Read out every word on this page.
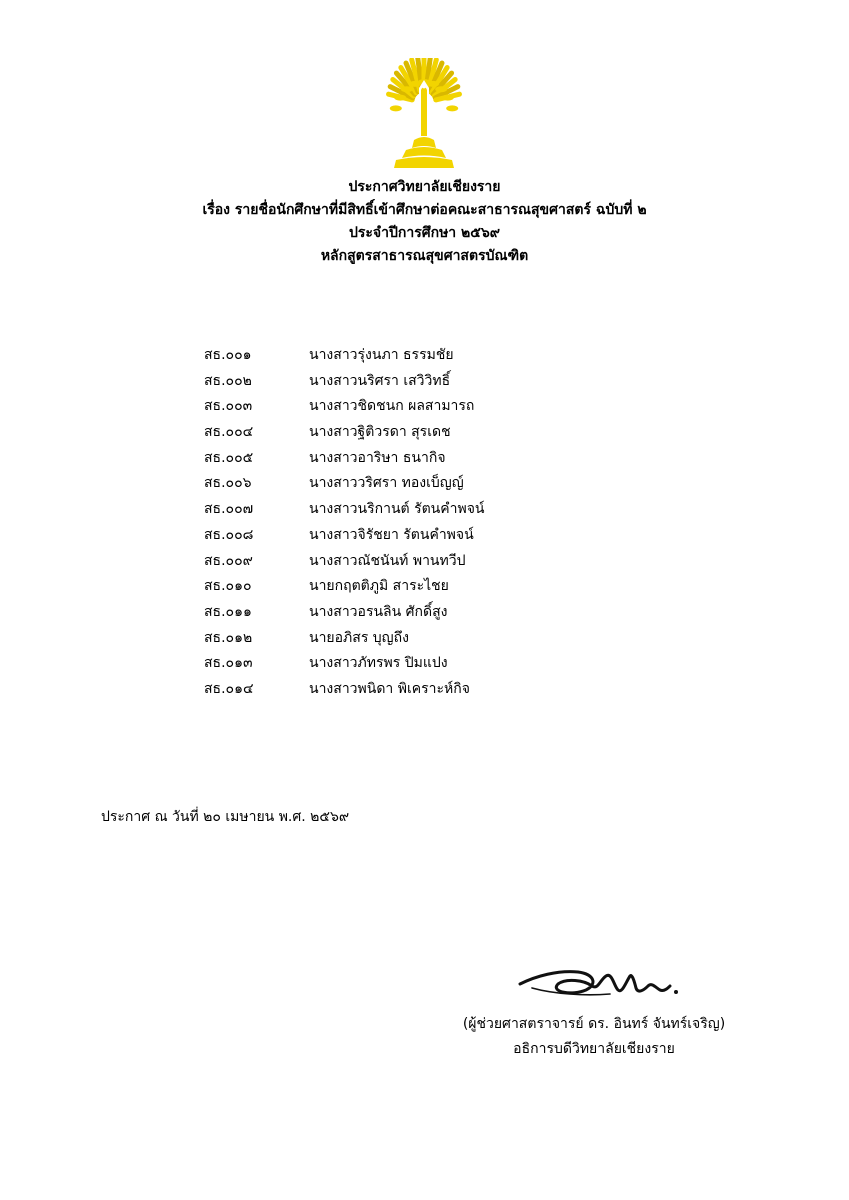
ประกาศวิทยาลัยเชียงราย
เรื่อง รายชื่อนักศึกษาที่มีสิทธิ์เข้าศึกษาต่อคณะสาธารณสุขศาสตร์ ฉบับที่ ๒
ประจำปีการศึกษา ๒๕๖๙
หลักสูตรสาธารณสุขศาสตรบัณฑิต
สธ.๐๐๑	นางสาวรุ่งนภา ธรรมชัย
สธ.๐๐๒	นางสาวนริศรา เสวิวิทธิ์
สธ.๐๐๓	นางสาวชิดชนก ผลสามารถ
สธ.๐๐๔	นางสาวฐิติวรดา สุรเดช
สธ.๐๐๕	นางสาวอาริษา ธนากิจ
สธ.๐๐๖	นางสาววริศรา ทองเบ็ญญ์
สธ.๐๐๗	นางสาวนริกานต์ รัตนคำพจน์
สธ.๐๐๘	นางสาวจิรัชยา รัตนคำพจน์
สธ.๐๐๙	นางสาวณัชนันท์ พานทวีป
สธ.๐๑๐	นายกฤตติภูมิ สาระไชย
สธ.๐๑๑	นางสาวอรนลิน ศักดิ์สูง
สธ.๐๑๒	นายอภิสร บุญถึง
สธ.๐๑๓	นางสาวภัทรพร ปิมแปง
สธ.๐๑๔	นางสาวพนิดา พิเคราะห์กิจ
ประกาศ ณ วันที่ ๒๐ เมษายน พ.ศ. ๒๕๖๙
(ผู้ช่วยศาสตราจารย์ ดร. อินทร์ จันทร์เจริญ)
อธิการบดีวิทยาลัยเชียงราย
